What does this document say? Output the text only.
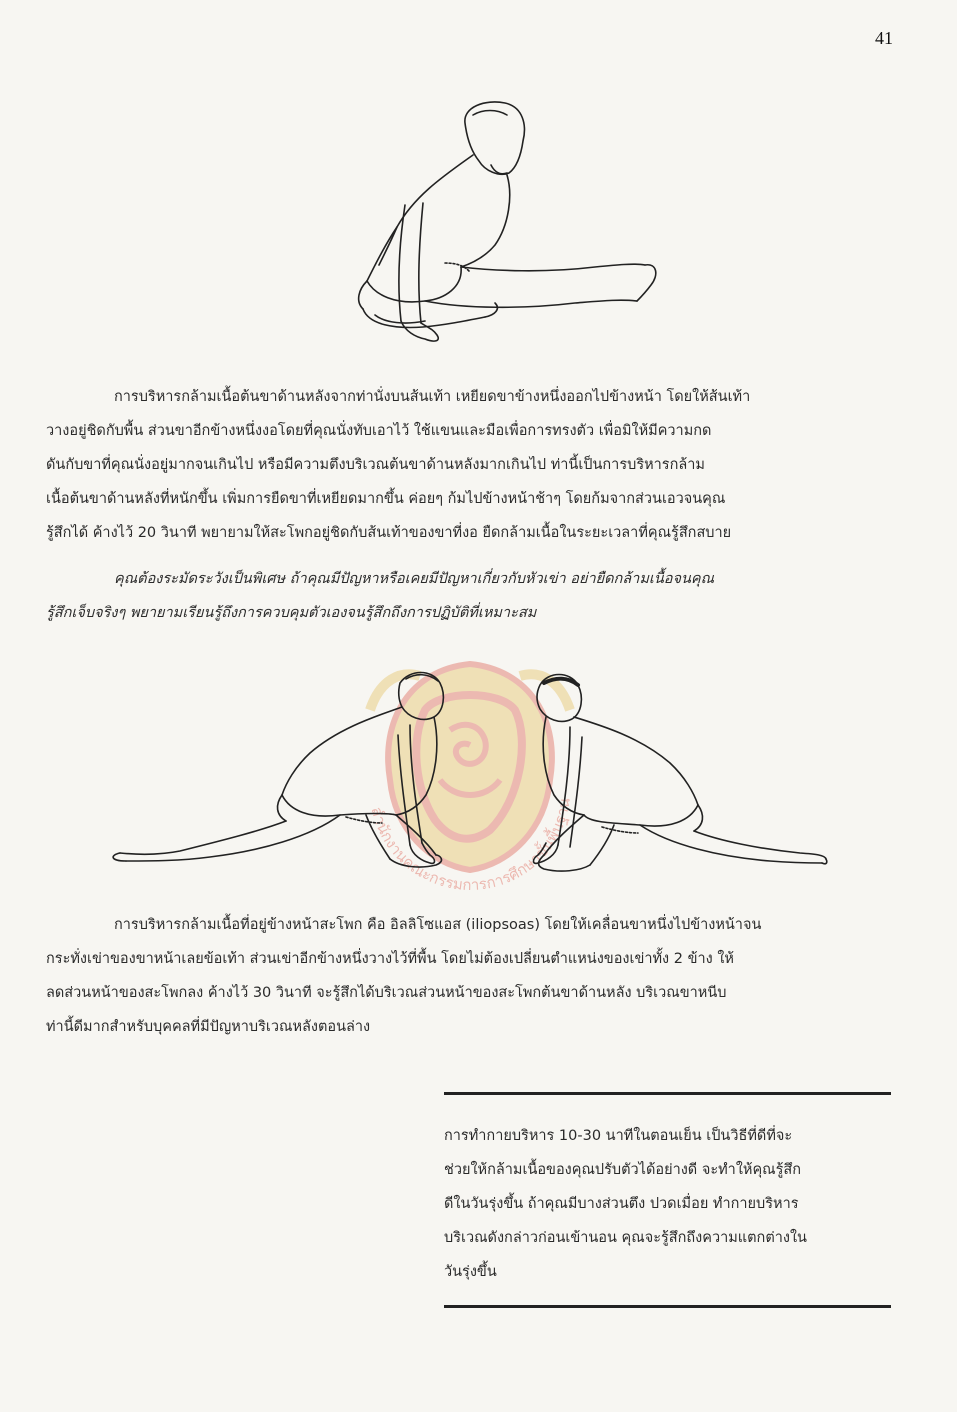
41

การบริหารกล้ามเนื้อต้นขาด้านหลังจากท่านั่งบนส้นเท้า เหยียดขาข้างหนึ่งออกไปข้างหน้า โดยให้ส้นเท้า
วางอยู่ชิดกับพื้น ส่วนขาอีกข้างหนึ่งงอโดยที่คุณนั่งทับเอาไว้ ใช้แขนและมือเพื่อการทรงตัว เพื่อมิให้มีความกด
ดันกับขาที่คุณนั่งอยู่มากจนเกินไป หรือมีความตึงบริเวณต้นขาด้านหลังมากเกินไป ท่านี้เป็นการบริหารกล้าม
เนื้อต้นขาด้านหลังที่หนักขึ้น เพิ่มการยืดขาที่เหยียดมากขึ้น ค่อยๆ ก้มไปข้างหน้าช้าๆ โดยก้มจากส่วนเอวจนคุณ
รู้สึกได้ ค้างไว้ 20 วินาที พยายามให้สะโพกอยู่ชิดกับส้นเท้าของขาที่งอ ยืดกล้ามเนื้อในระยะเวลาที่คุณรู้สึกสบาย

คุณต้องระมัดระวังเป็นพิเศษ ถ้าคุณมีปัญหาหรือเคยมีปัญหาเกี่ยวกับหัวเข่า อย่ายืดกล้ามเนื้อจนคุณ
รู้สึกเจ็บจริงๆ พยายามเรียนรู้ถึงการควบคุมตัวเองจนรู้สึกถึงการปฏิบัติที่เหมาะสม

สำนักงานคณะกรรมการการศึกษาขั้นพื้นฐาน

การบริหารกล้ามเนื้อที่อยู่ข้างหน้าสะโพก คือ อิลลิโซแอส (iliopsoas) โดยให้เคลื่อนขาหนึ่งไปข้างหน้าจน
กระทั่งเข่าของขาหน้าเลยข้อเท้า ส่วนเข่าอีกข้างหนึ่งวางไว้ที่พื้น โดยไม่ต้องเปลี่ยนตำแหน่งของเข่าทั้ง 2 ข้าง ให้
ลดส่วนหน้าของสะโพกลง ค้างไว้ 30 วินาที จะรู้สึกได้บริเวณส่วนหน้าของสะโพกต้นขาด้านหลัง บริเวณขาหนีบ
ท่านี้ดีมากสำหรับบุคคลที่มีปัญหาบริเวณหลังตอนล่าง

การทำกายบริหาร 10-30 นาทีในตอนเย็น เป็นวิธีที่ดีที่จะ
ช่วยให้กล้ามเนื้อของคุณปรับตัวได้อย่างดี จะทำให้คุณรู้สึก
ดีในวันรุ่งขึ้น ถ้าคุณมีบางส่วนตึง ปวดเมื่อย ทำกายบริหาร
บริเวณดังกล่าวก่อนเข้านอน คุณจะรู้สึกถึงความแตกต่างใน
วันรุ่งขึ้น
